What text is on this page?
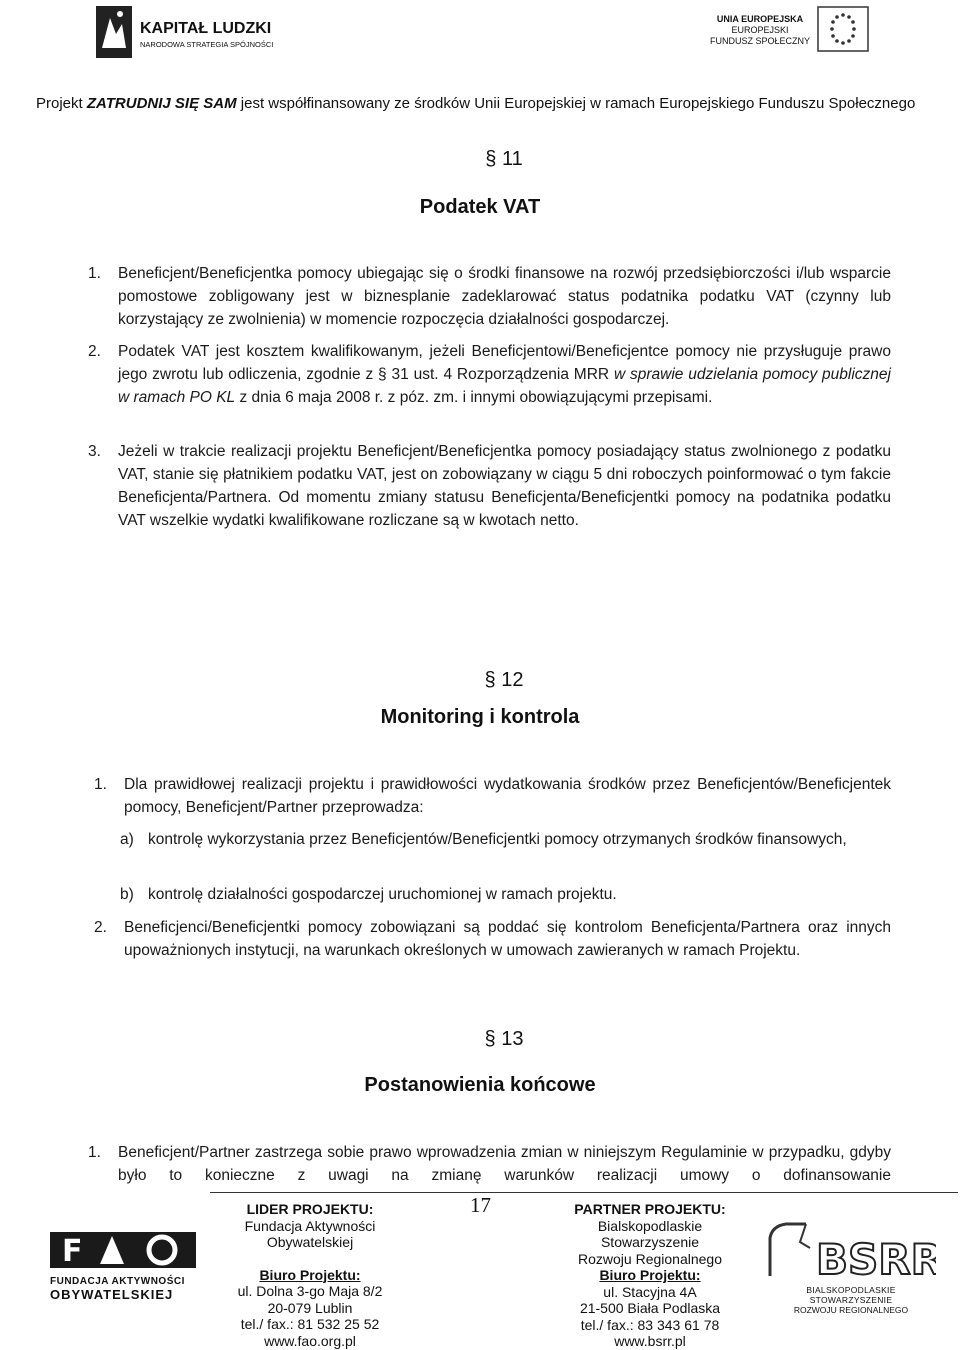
KAPITAŁ LUDZKI
NARODOWA STRATEGIA SPÓJNOŚCI
UNIA EUROPEJSKA
EUROPEJSKI
FUNDUSZ SPOŁECZNY
Projekt ZATRUDNIJ SIĘ SAM jest współfinansowany ze środków Unii Europejskiej w ramach Europejskiego Funduszu Społecznego
§ 11
Podatek VAT
1. Beneficjent/Beneficjentka pomocy ubiegając się o środki finansowe na rozwój przedsiębiorczości i/lub wsparcie pomostowe zobligowany jest w biznesplanie zadeklarować status podatnika podatku VAT (czynny lub korzystający ze zwolnienia) w momencie rozpoczęcia działalności gospodarczej.
2. Podatek VAT jest kosztem kwalifikowanym, jeżeli Beneficjentowi/Beneficjentce pomocy nie przysługuje prawo jego zwrotu lub odliczenia, zgodnie z § 31 ust. 4 Rozporządzenia MRR w sprawie udzielania pomocy publicznej w ramach PO KL z dnia 6 maja 2008 r. z póz. zm. i innymi obowiązującymi przepisami.
3. Jeżeli w trakcie realizacji projektu Beneficjent/Beneficjentka pomocy posiadający status zwolnionego z podatku VAT, stanie się płatnikiem podatku VAT, jest on zobowiązany w ciągu 5 dni roboczych poinformować o tym fakcie Beneficjenta/Partnera. Od momentu zmiany statusu Beneficjenta/Beneficjentki pomocy na podatnika podatku VAT wszelkie wydatki kwalifikowane rozliczane są w kwotach netto.
§ 12
Monitoring i kontrola
1. Dla prawidłowej realizacji projektu i prawidłowości wydatkowania środków przez Beneficjentów/Beneficjentek pomocy, Beneficjent/Partner przeprowadza:
a) kontrolę wykorzystania przez Beneficjentów/Beneficjentki pomocy otrzymanych środków finansowych,
b) kontrolę działalności gospodarczej uruchomionej w ramach projektu.
2. Beneficjenci/Beneficjentki pomocy zobowiązani są poddać się kontrolom Beneficjenta/Partnera oraz innych upoważnionych instytucji, na warunkach określonych w umowach zawieranych w ramach Projektu.
§ 13
Postanowienia końcowe
Beneficjent/Partner zastrzega sobie prawo wprowadzenia zmian w niniejszym Regulaminie w przypadku, gdyby było to konieczne z uwagi na zmianę warunków realizacji umowy o dofinansowanie
1.
17
F
FUNDACJA AKTYWNOŚCI
OBYWATELSKIEJ
LIDER PROJEKTU:
Fundacja Aktywności
Obywatelskiej
Biuro Projektu:
ul. Dolna 3-go Maja 8/2
20-079 Lublin
tel./ fax.: 81 532 25 52
www.fao.org.pl
PARTNER PROJEKTU:
Bialskopodlaskie
Stowarzyszenie
Rozwoju Regionalnego
Biuro Projektu:
ul. Stacyjna 4A
21-500 Biała Podlaska
tel./ fax.: 83 343 61 78
www.bsrr.pl
BSRR
BIALSKOPODLASKIE STOWARZYSZENIE
ROZWOJU REGIONALNEGO
